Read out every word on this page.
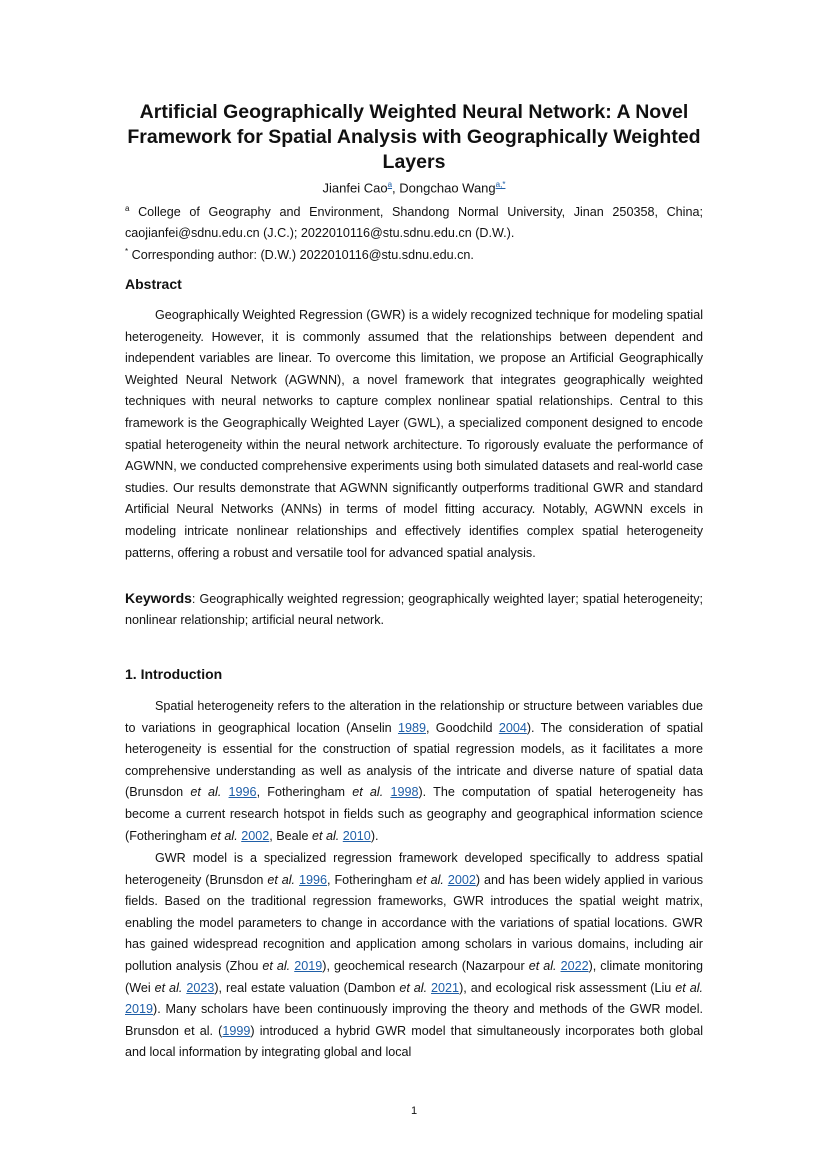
Artificial Geographically Weighted Neural Network: A Novel Framework for Spatial Analysis with Geographically Weighted Layers
Jianfei Cao$^a$, Dongchao Wang$^{a,*}$
$^a$ College of Geography and Environment, Shandong Normal University, Jinan 250358, China; caojianfei@sdnu.edu.cn (J.C.); 2022010116@stu.sdnu.edu.cn (D.W.).
* Corresponding author: (D.W.) 2022010116@stu.sdnu.edu.cn.
Abstract

Geographically Weighted Regression (GWR) is a widely recognized technique for modeling spatial heterogeneity. However, it is commonly assumed that the relationships between dependent and independent variables are linear. To overcome this limitation, we propose an Artificial Geographically Weighted Neural Network (AGWNN), a novel framework that integrates geographically weighted techniques with neural networks to capture complex nonlinear spatial relationships. Central to this framework is the Geographically Weighted Layer (GWL), a specialized component designed to encode spatial heterogeneity within the neural network architecture. To rigorously evaluate the performance of AGWNN, we conducted comprehensive experiments using both simulated datasets and real-world case studies. Our results demonstrate that AGWNN significantly outperforms traditional GWR and standard Artificial Neural Networks (ANNs) in terms of model fitting accuracy. Notably, AGWNN excels in modeling intricate nonlinear relationships and effectively identifies complex spatial heterogeneity patterns, offering a robust and versatile tool for advanced spatial analysis.

Keywords: Geographically weighted regression; geographically weighted layer; spatial heterogeneity; nonlinear relationship; artificial neural network.

1. Introduction

Spatial heterogeneity refers to the alteration in the relationship or structure between variables due to variations in geographical location (Anselin 1989, Goodchild 2004). The consideration of spatial heterogeneity is essential for the construction of spatial regression models, as it facilitates a more comprehensive understanding as well as analysis of the intricate and diverse nature of spatial data (Brunsdon et al. 1996, Fotheringham et al. 1998). The computation of spatial heterogeneity has become a current research hotspot in fields such as geography and geographical information science (Fotheringham et al. 2002, Beale et al. 2010).

GWR model is a specialized regression framework developed specifically to address spatial heterogeneity (Brunsdon et al. 1996, Fotheringham et al. 2002) and has been widely applied in various fields. Based on the traditional regression frameworks, GWR introduces the spatial weight matrix, enabling the model parameters to change in accordance with the variations of spatial locations. GWR has gained widespread recognition and application among scholars in various domains, including air pollution analysis (Zhou et al. 2019), geochemical research (Nazarpour et al. 2022), climate monitoring (Wei et al. 2023), real estate valuation (Dambon et al. 2021), and ecological risk assessment (Liu et al. 2019). Many scholars have been continuously improving the theory and methods of the GWR model. Brunsdon et al. (1999) introduced a hybrid GWR model that simultaneously incorporates both global and local information by integrating global and local

1
